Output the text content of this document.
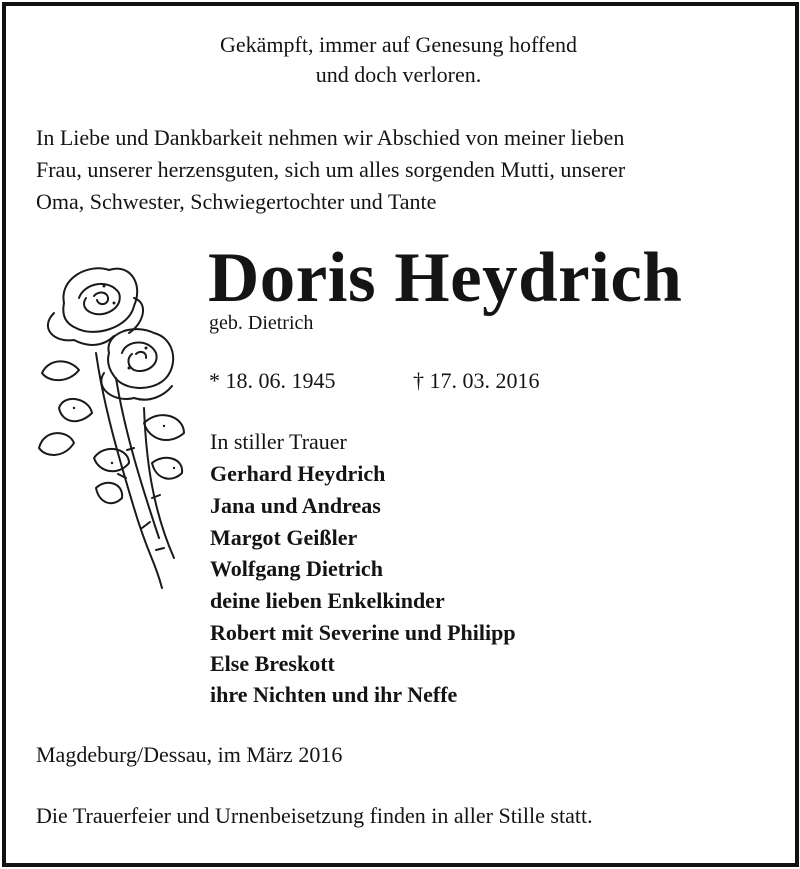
Gekämpft, immer auf Genesung hoffend
und doch verloren.
In Liebe und Dankbarkeit nehmen wir Abschied von meiner lieben
Frau, unserer herzensguten, sich um alles sorgenden Mutti, unserer
Oma, Schwester, Schwiegertochter und Tante
Doris Heydrich
geb. Dietrich
* 18. 06. 1945	† 17. 03. 2016
In stiller Trauer
Gerhard Heydrich
Jana und Andreas
Margot Geißler
Wolfgang Dietrich
deine lieben Enkelkinder
Robert mit Severine und Philipp
Else Breskott
ihre Nichten und ihr Neffe
Magdeburg/Dessau, im März 2016
Die Trauerfeier und Urnenbeisetzung finden in aller Stille statt.
